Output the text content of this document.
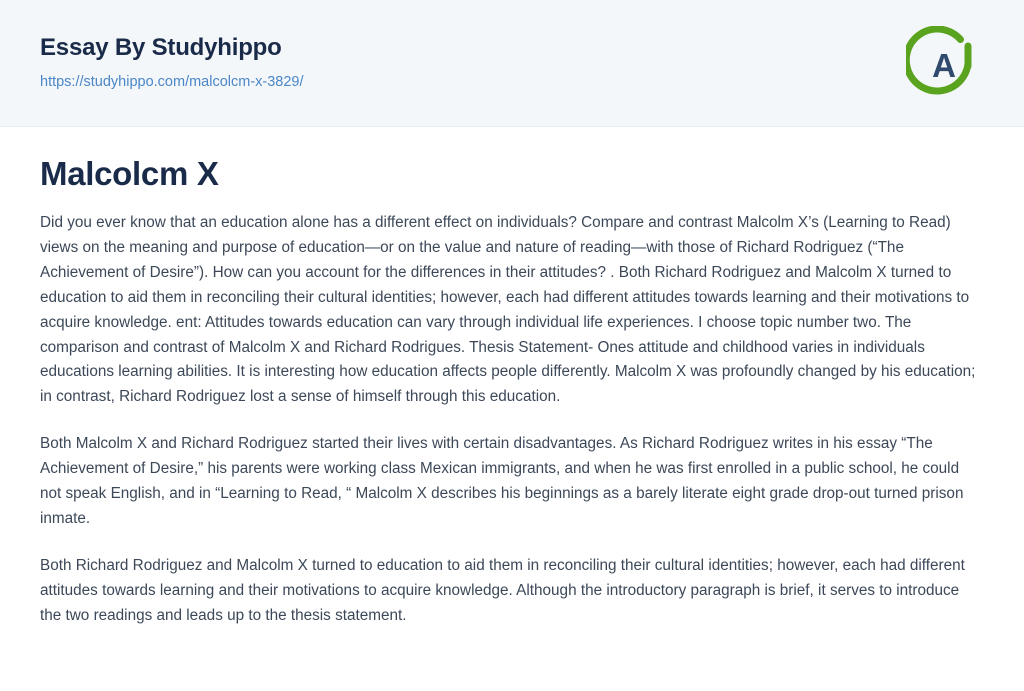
Essay By Studyhippo
https://studyhippo.com/malcolcm-x-3829/	A
Malcolcm X

Did you ever know that an education alone has a different effect on individuals? Compare and contrast Malcolm X’s (Learning to Read) views on the meaning and purpose of education—or on the value and nature of reading—with those of Richard Rodriguez (“The Achievement of Desire”). How can you account for the differences in their attitudes? . Both Richard Rodriguez and Malcolm X turned to education to aid them in reconciling their cultural identities; however, each had different attitudes towards learning and their motivations to acquire knowledge. ent: Attitudes towards education can vary through individual life experiences. I choose topic number two. The comparison and contrast of Malcolm X and Richard Rodrigues. Thesis Statement- Ones attitude and childhood varies in individuals educations learning abilities. It is interesting how education affects people differently. Malcolm X was profoundly changed by his education; in contrast, Richard Rodriguez lost a sense of himself through this education.

Both Malcolm X and Richard Rodriguez started their lives with certain disadvantages. As Richard Rodriguez writes in his essay “The Achievement of Desire,” his parents were working class Mexican immigrants, and when he was first enrolled in a public school, he could not speak English, and in “Learning to Read, “ Malcolm X describes his beginnings as a barely literate eight grade drop-out turned prison inmate.

Both Richard Rodriguez and Malcolm X turned to education to aid them in reconciling their cultural identities; however, each had different attitudes towards learning and their motivations to acquire knowledge. Although the introductory paragraph is brief, it serves to introduce the two readings and leads up to the thesis statement.
